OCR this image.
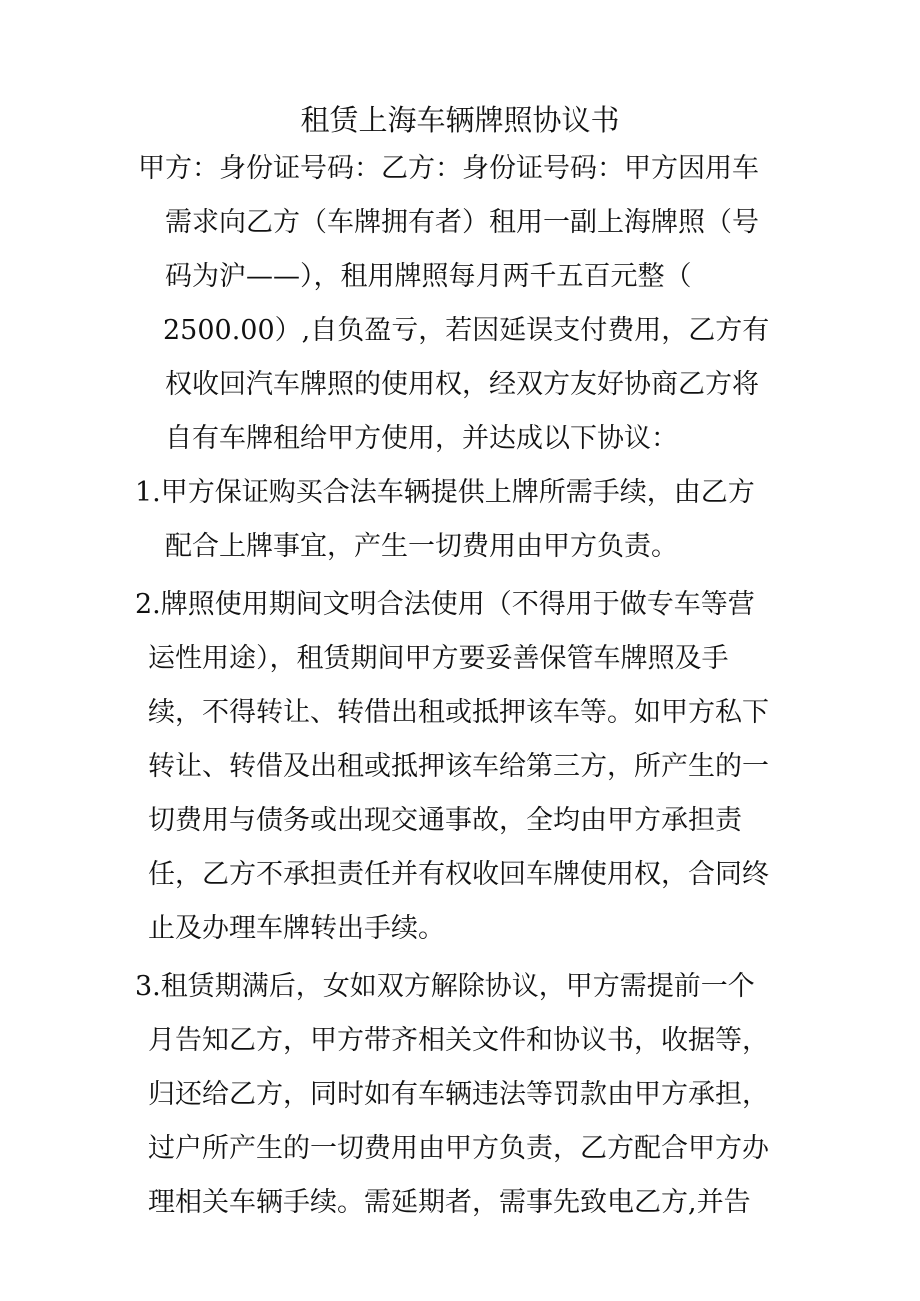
租赁上海车辆牌照协议书
甲方：身份证号码：乙方：身份证号码：甲方因用车
需求向乙方（车牌拥有者）租用一副上海牌照（号
码为沪——），租用牌照每月两千五百元整（
2500.00）,自负盈亏，若因延误支付费用，乙方有
权收回汽车牌照的使用权，经双方友好协商乙方将
自有车牌租给甲方使用，并达成以下协议：
1.甲方保证购买合法车辆提供上牌所需手续，由乙方
配合上牌事宜，产生一切费用由甲方负责。
2.牌照使用期间文明合法使用（不得用于做专车等营
运性用途），租赁期间甲方要妥善保管车牌照及手
续，不得转让、转借出租或抵押该车等。如甲方私下
转让、转借及出租或抵押该车给第三方，所产生的一
切费用与债务或出现交通事故，全均由甲方承担责
任，乙方不承担责任并有权收回车牌使用权，合同终
止及办理车牌转出手续。
3.租赁期满后，女如双方解除协议，甲方需提前一个
月告知乙方，甲方带齐相关文件和协议书，收据等，
归还给乙方，同时如有车辆违法等罚款由甲方承担，
过户所产生的一切费用由甲方负责，乙方配合甲方办
理相关车辆手续。需延期者，需事先致电乙方,并告
